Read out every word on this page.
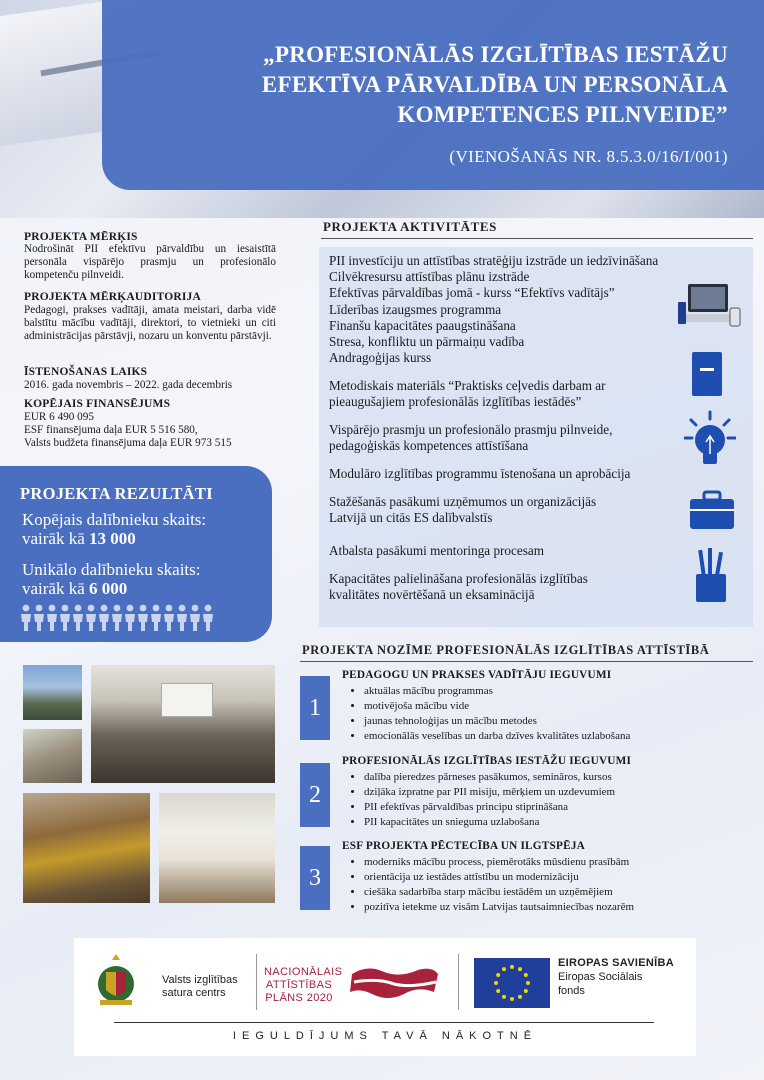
„PROFESIONĀLĀS IZGLĪTĪBAS IESTĀŽU
EFEKTĪVA PĀRVALDĪBA UN PERSONĀLA
KOMPETENCES PILNVEIDE”
(VIENOŠANĀS NR. 8.5.3.0/16/I/001)
PROJEKTA MĒRĶIS
Nodrošināt PII efektīvu pārvaldību un iesaistītā personāla vispārējo prasmju un profesionālo kompetenču pilnveidi.
PROJEKTA MĒRĶAUDITORIJA
Pedagogi, prakses vadītāji, amata meistari, darba vidē balstītu mācību vadītāji, direktori, to vietnieki un citi administrācijas pārstāvji, nozaru un konventu pārstāvji.
ĪSTENOŠANAS LAIKS
2016. gada novembris – 2022. gada decembris
KOPĒJAIS FINANSĒJUMS
EUR 6 490 095
ESF finansējuma daļa EUR 5 516 580,
Valsts budžeta finansējuma daļa EUR 973 515
PROJEKTA REZULTĀTI
Kopējais dalībnieku skaits:
vairāk kā 13 000
Unikālo dalībnieku skaits:
vairāk kā 6 000
PROJEKTA AKTIVITĀTES
PII investīciju un attīstības stratēģiju izstrāde un iedzīvināšana
Cilvēkresursu attīstības plānu izstrāde
Efektīvas pārvaldības jomā - kurss “Efektīvs vadītājs”
Līderības izaugsmes programma
Finanšu kapacitātes paaugstināšana
Stresa, konfliktu un pārmaiņu vadība
Andragoģijas kurss
Metodiskais materiāls “Praktisks ceļvedis darbam ar
pieaugušajiem profesionālās izglītības iestādēs”
Vispārējo prasmju un profesionālo prasmju pilnveide,
pedagoģiskās kompetences attīstīšana
Modulāro izglītības programmu īstenošana un aprobācija
Stažēšanās pasākumi uzņēmumos un organizācijās
Latvijā un citās ES dalībvalstīs
Atbalsta pasākumi mentoringa procesam
Kapacitātes palielināšana profesionālās izglītības
kvalitātes novērtēšanā un eksaminācijā
PROJEKTA NOZĪME PROFESIONĀLĀS IZGLĪTĪBAS ATTĪSTĪBĀ
1
PEDAGOGU UN PRAKSES VADĪTĀJU IEGUVUMI
• aktuālas mācību programmas
• motivējoša mācību vide
• jaunas tehnoloģijas un mācību metodes
• emocionālās veselības un darba dzīves kvalitātes uzlabošana
2
PROFESIONĀLĀS IZGLĪTĪBAS IESTĀŽU IEGUVUMI
• dalība pieredzes pārneses pasākumos, semināros, kursos
• dziļāka izpratne par PII misiju, mērķiem un uzdevumiem
• PII efektīvas pārvaldības principu stiprināšana
• PII kapacitātes un snieguma uzlabošana
3
ESF PROJEKTA PĒCTECĪBA UN ILGTSPĒJA
• moderniks mācību process, piemērotāks mūsdienu prasībām
• orientācija uz iestādes attīstību un modernizāciju
• ciešāka sadarbība starp mācību iestādēm un uzņēmējiem
• pozitīva ietekme uz visām Latvijas tautsaimniecības nozarēm
Valsts izglītības
satura centrs
NACIONĀLAIS
ATTĪSTĪBAS
PLĀNS 2020
EIROPAS SAVIENĪBA
Eiropas Sociālais
fonds
IEGULDĪJUMS TAVĀ NĀKOTNĒ
